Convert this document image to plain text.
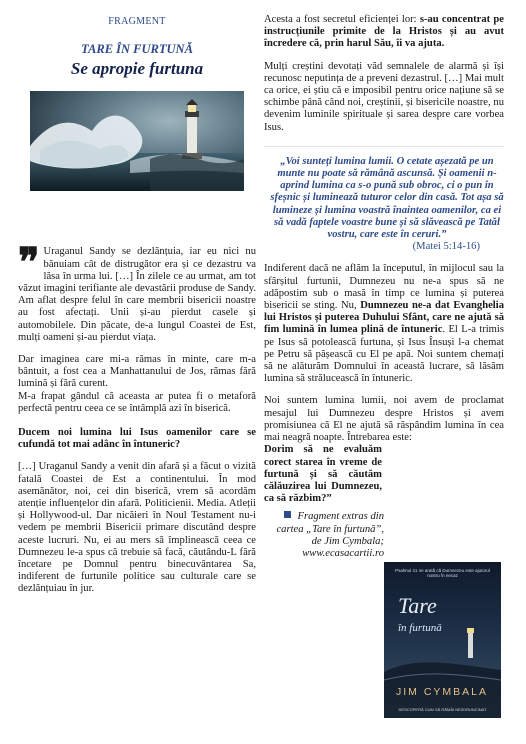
FRAGMENT
TARE ÎN FURTUNĂ
Se apropie furtuna
❞ Uraganul Sandy se dezlănțuia, iar eu nici nu bănuiam cât de distrugător era și ce dezastru va lăsa în urma lui. […] În zilele ce au urmat, am tot văzut imagini terifiante ale devastării produse de Sandy. Am aflat despre felul în care membrii bisericii noastre au fost afectați. Unii și-au pierdut casele și automobilele. Din păcate, de-a lungul Coastei de Est, mulți oameni și-au pierdut viața.

Dar imaginea care mi-a rămas în minte, care m-a bântuit, a fost cea a Manhattanului de Jos, rămas fără lumină și fără curent.

M-a frapat gândul că aceasta ar putea fi o metaforă perfectă pentru ceea ce se întâmplă azi în biserică.

Ducem noi lumina lui Isus oamenilor care se cufundă tot mai adânc în întuneric?

[…] Uraganul Sandy a venit din afară și a făcut o vizită fatală Coastei de Est a continentului. În mod asemănător, noi, cei din biserică, vrem să acordăm atenție influențelor din afară. Politicienii. Media. Atleții și Hollywood-ul. Dar nicăieri în Noul Testament nu-i vedem pe membrii Bisericii primare discutând despre aceste lucruri. Nu, ei au mers să împlinească ceea ce Dumnezeu le-a spus că trebuie să facă, căutându-L fără încetare pe Domnul pentru binecuvântarea Sa, indiferent de furtunile politice sau culturale care se dezlănțuiau în jur.

Acesta a fost secretul eficienței lor: s-au concentrat pe instrucțiunile primite de la Hristos și au avut încredere că, prin harul Său, îi va ajuta.

Mulți creștini devotați văd semnalele de alarmă și își recunosc neputința de a preveni dezastrul. […] Mai mult ca orice, ei știu că e imposibil pentru orice națiune să se schimbe până când noi, creștinii, și bisericile noastre, nu devenim luminile spirituale și sarea despre care vorbea Isus.

„Voi sunteți lumina lumii. O cetate așezată pe un munte nu poate să rămână ascunsă. Și oamenii n-aprind lumina ca s-o pună sub obroc, ci o pun în sfeșnic și luminează tuturor celor din casă. Tot așa să lumineze și lumina voastră înaintea oamenilor, ca ei să vadă faptele voastre bune și să slăvească pe Tatăl vostru, care este în ceruri.”
(Matei 5:14-16)

Indiferent dacă ne aflăm la începutul, în mijlocul sau la sfârșitul furtunii, Dumnezeu nu ne-a spus să ne adăpostim sub o masă în timp ce lumina și puterea bisericii se sting. Nu, Dumnezeu ne-a dat Evanghelia lui Hristos și puterea Duhului Sfânt, care ne ajută să fim lumină în lumea plină de întuneric. El L-a trimis pe Isus să potolească furtuna, și Isus Însuși l-a chemat pe Petru să pășească cu El pe apă. Noi suntem chemați să ne alăturăm Domnului în această lucrare, să lăsăm lumina să strălucească în întuneric.

Noi suntem lumina lumii, noi avem de proclamat mesajul lui Dumnezeu despre Hristos și avem promisiunea că El ne ajută să răspândim lumina în cea mai neagră noapte. Întrebarea este:

Dorim să ne evaluăm corect starea în vreme de furtună și să căutăm călăuzirea lui Dumnezeu, ca să răzbim?”

Fragment extras din cartea „Tare în furtună”, de Jim Cymbala; www.ecasacartii.ro
Psalmul 41 ne arată că Dumnezeu este ajutorul nostru în necaz
Tare
în furtună
JIM CYMBALA
DESCOPERĂ CUM SĂ RĂMÂI NEZDRUNCINAT
